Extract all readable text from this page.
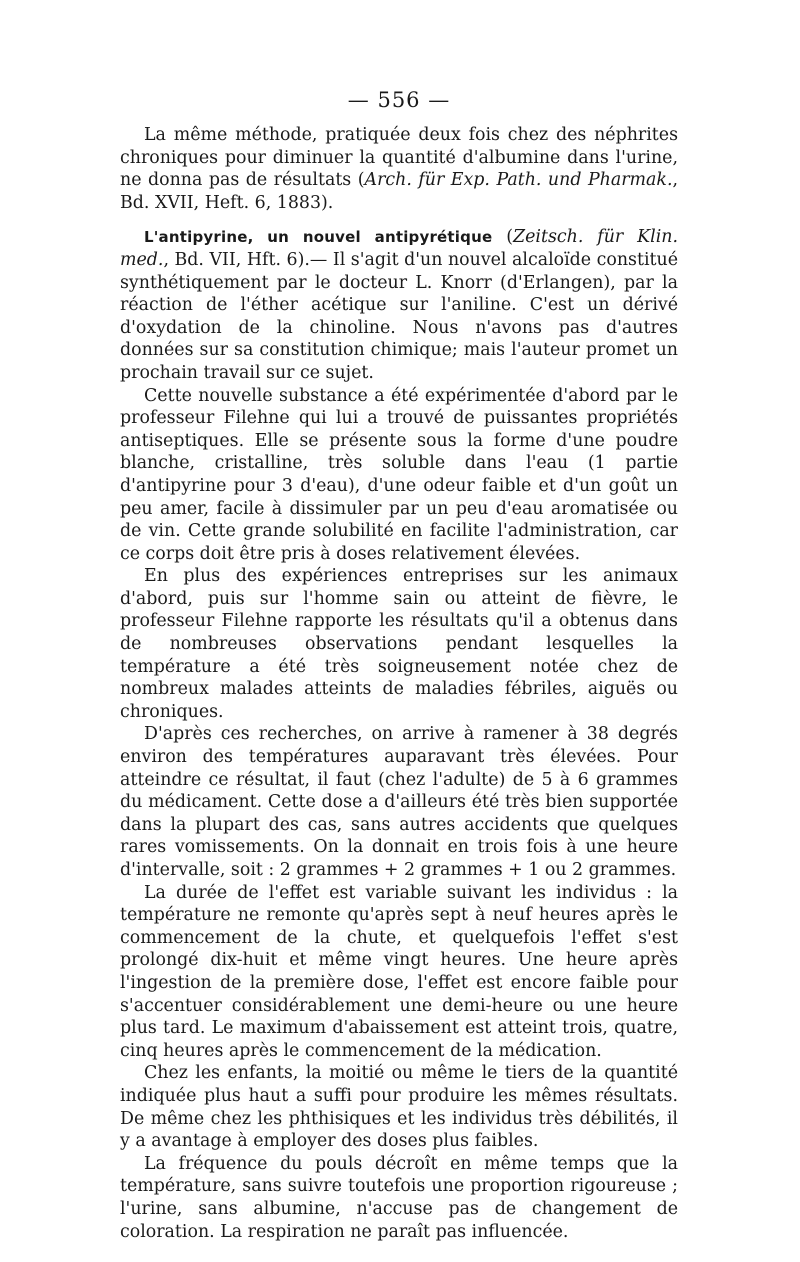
— 556 —

La même méthode, pratiquée deux fois chez des néphrites chroniques pour diminuer la quantité d'albumine dans l'urine, ne donna pas de résultats (Arch. für Exp. Path. und Pharmak., Bd. XVII, Heft. 6, 1883).

L'antipyrine, un nouvel antipyrétique (Zeitsch. für Klin. med., Bd. VII, Hft. 6).— Il s'agit d'un nouvel alcaloïde constitué synthétiquement par le docteur L. Knorr (d'Erlangen), par la réaction de l'éther acétique sur l'aniline. C'est un dérivé d'oxydation de la chinoline. Nous n'avons pas d'autres données sur sa constitution chimique; mais l'auteur promet un prochain travail sur ce sujet.

Cette nouvelle substance a été expérimentée d'abord par le professeur Filehne qui lui a trouvé de puissantes propriétés antiseptiques. Elle se présente sous la forme d'une poudre blanche, cristalline, très soluble dans l'eau (1 partie d'antipyrine pour 3 d'eau), d'une odeur faible et d'un goût un peu amer, facile à dissimuler par un peu d'eau aromatisée ou de vin. Cette grande solubilité en facilite l'administration, car ce corps doit être pris à doses relativement élevées.

En plus des expériences entreprises sur les animaux d'abord, puis sur l'homme sain ou atteint de fièvre, le professeur Filehne rapporte les résultats qu'il a obtenus dans de nombreuses observations pendant lesquelles la température a été très soigneusement notée chez de nombreux malades atteints de maladies fébriles, aiguës ou chroniques.

D'après ces recherches, on arrive à ramener à 38 degrés environ des températures auparavant très élevées. Pour atteindre ce résultat, il faut (chez l'adulte) de 5 à 6 grammes du médicament. Cette dose a d'ailleurs été très bien supportée dans la plupart des cas, sans autres accidents que quelques rares vomissements. On la donnait en trois fois à une heure d'intervalle, soit : 2 grammes + 2 grammes + 1 ou 2 grammes.

La durée de l'effet est variable suivant les individus : la température ne remonte qu'après sept à neuf heures après le commencement de la chute, et quelquefois l'effet s'est prolongé dix-huit et même vingt heures. Une heure après l'ingestion de la première dose, l'effet est encore faible pour s'accentuer considérablement une demi-heure ou une heure plus tard. Le maximum d'abaissement est atteint trois, quatre, cinq heures après le commencement de la médication.

Chez les enfants, la moitié ou même le tiers de la quantité indiquée plus haut a suffi pour produire les mêmes résultats. De même chez les phthisiques et les individus très débilités, il y a avantage à employer des doses plus faibles.

La fréquence du pouls décroît en même temps que la température, sans suivre toutefois une proportion rigoureuse ; l'urine, sans albumine, n'accuse pas de changement de coloration. La respiration ne paraît pas influencée.
